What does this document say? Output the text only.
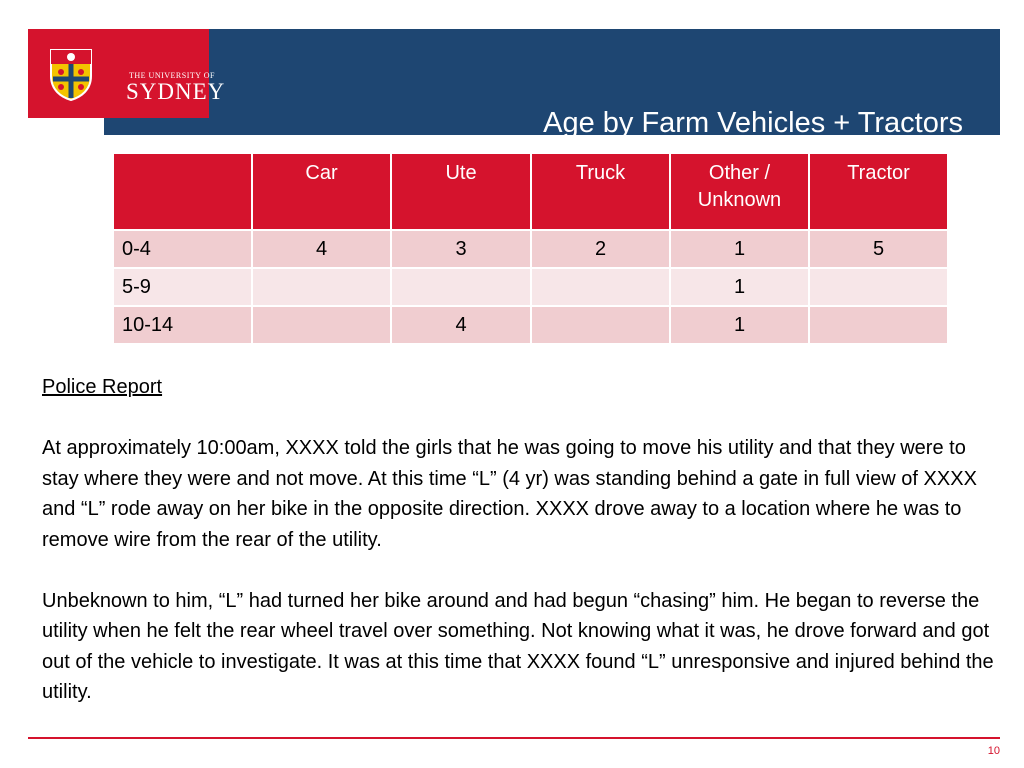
Age by Farm Vehicles + Tractors
THE UNIVERSITY OF
SYDNEY
	Car	Ute	Truck	Other / Unknown	Tractor
0-4	4	3	2	1	5
5-9				1	
10-14		4		1	

Police Report

At approximately 10:00am, XXXX told the girls that he was going to move his utility and that they were to stay where they were and not move. At this time “L” (4 yr) was standing behind a gate in full view of XXXX and “L” rode away on her bike in the opposite direction. XXXX drove away to a location where he was to remove wire from the rear of the utility.

Unbeknown to him, “L” had turned her bike around and had begun “chasing” him. He began to reverse the utility when he felt the rear wheel travel over something. Not knowing what it was, he drove forward and got out of the vehicle to investigate. It was at this time that XXXX found “L” unresponsive and injured behind the utility.

10
